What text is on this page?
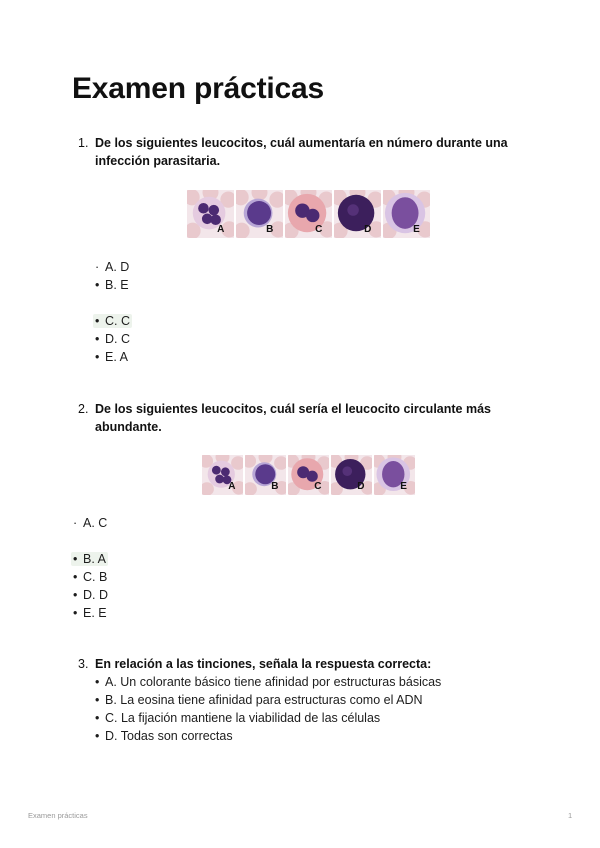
Examen prácticas
1. De los siguientes leucocitos, cuál aumentaría en número durante una infección parasitaria.
A	B	C	D	E
· A. D
• B. E
• C. C
• D. C
• E. A
2. De los siguientes leucocitos, cuál sería el leucocito circulante más abundante.
A	B	C	D	E
· A. C
• B. A
• C. B
• D. D
• E. E
3. En relación a las tinciones, señala la respuesta correcta:
• A. Un colorante básico tiene afinidad por estructuras básicas
• B. La eosina tiene afinidad para estructuras como el ADN
• C. La fijación mantiene la viabilidad de las células
• D. Todas son correctas
Examen prácticas	1
